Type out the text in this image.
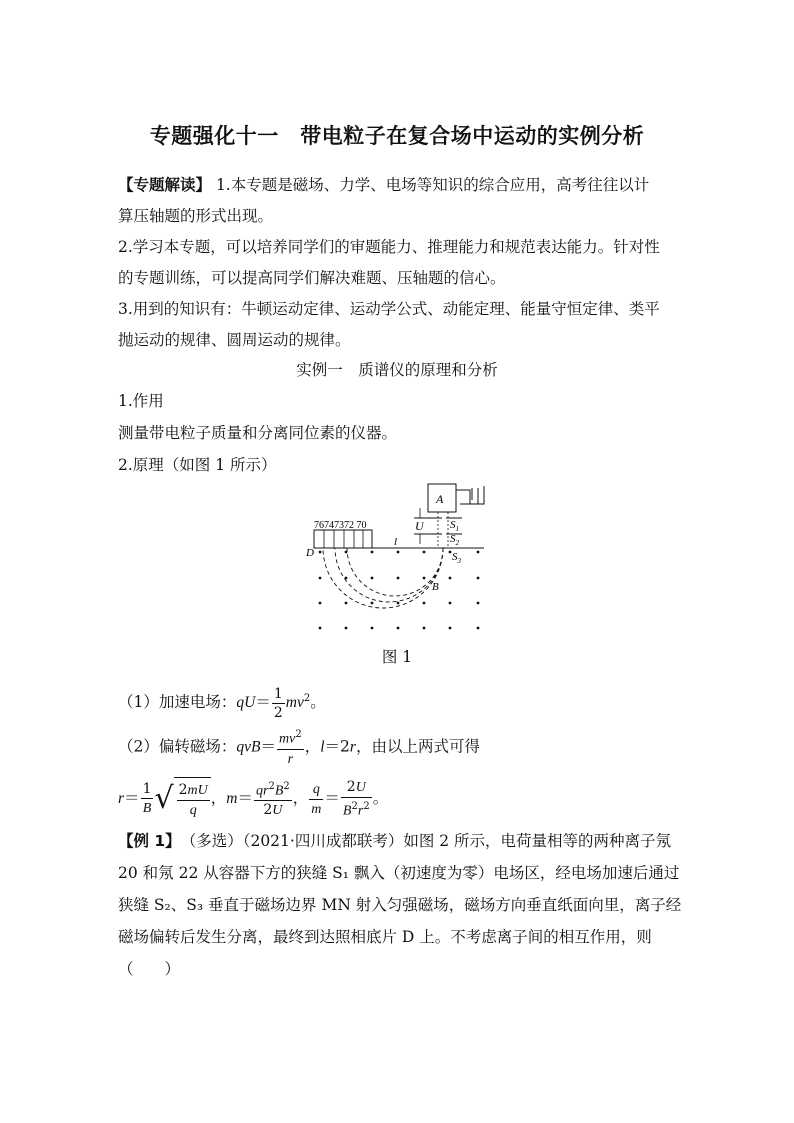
专题强化十一　带电粒子在复合场中运动的实例分析
【专题解读】 1.本专题是磁场、力学、电场等知识的综合应用，高考往往以计
算压轴题的形式出现。
2.学习本专题，可以培养同学们的审题能力、推理能力和规范表达能力。针对性
的专题训练，可以提高同学们解决难题、压轴题的信心。
3.用到的知识有：牛顿运动定律、运动学公式、动能定理、能量守恒定律、类平
抛运动的规律、圆周运动的规律。
实例一　质谱仪的原理和分析
1.作用
测量带电粒子质量和分离同位素的仪器。
2.原理（如图 1 所示）
A
U $S_1$
$S_2$
76747372 70
D
l
$S_3$
B
图 1
（1）加速电场：$qU= \frac{1}{2} mv^2$。
（2）偏转磁场：$qvB= \frac{mv^2}{r}$ ，l＝2r，由以上两式可得
$r= \frac{1}{B}$ √ $\frac{2mU}{q}$ ，$m= \frac{qr^2B^2}{2U}$ ， $\frac{q}{m} = \frac{2U}{B^2r^2}$ 。
【例 1】　 （多选）（2021·四川成都联考）如图 2 所示，电荷量相等的两种离子氖
20 和氖 22 从容器下方的狭缝 S₁ 飘入（初速度为零）电场区，经电场加速后通过
狭缝 S₂、S₃ 垂直于磁场边界 MN 射入匀强磁场，磁场方向垂直纸面向里，离子经
磁场偏转后发生分离，最终到达照相底片 D 上。不考虑离子间的相互作用，则
（　　）
